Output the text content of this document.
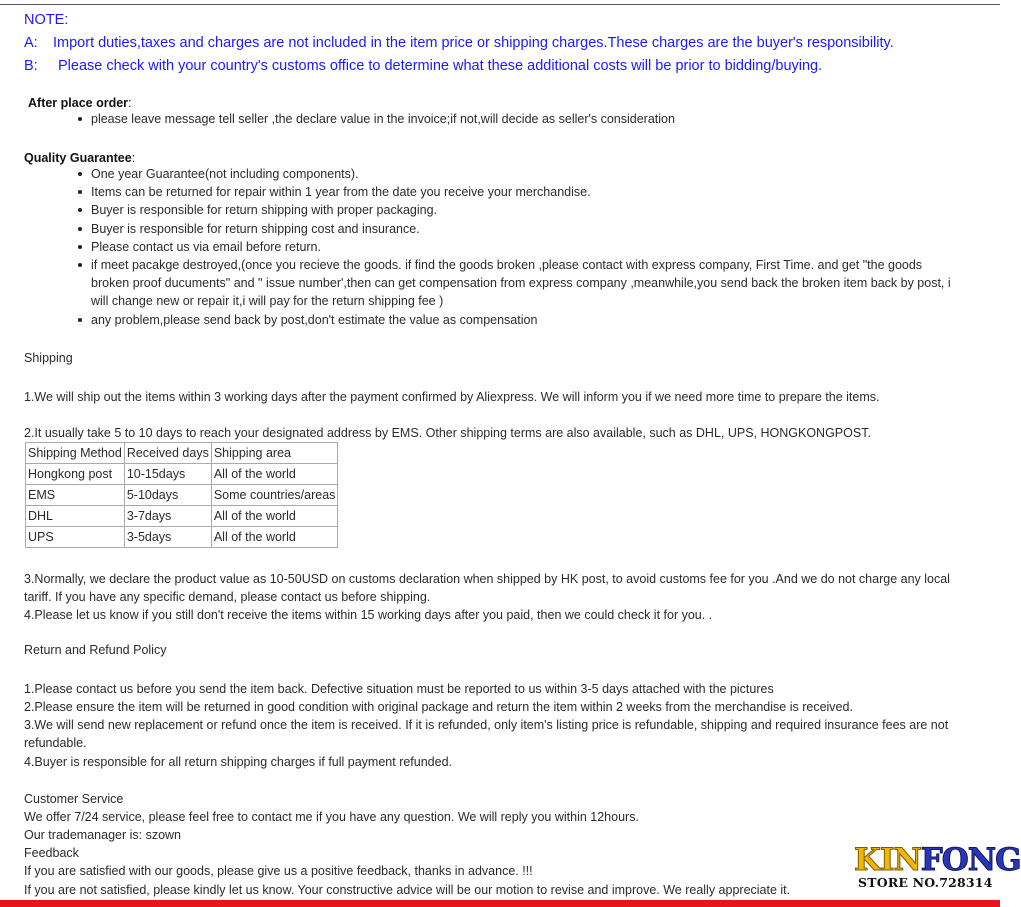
NOTE:
A: Import duties,taxes and charges are not included in the item price or shipping charges.These charges are the buyer's responsibility.
B: Please check with your country's customs office to determine what these additional costs will be prior to bidding/buying.
After place order:
please leave message tell seller ,the declare value in the invoice;if not,will decide as seller's consideration
Quality Guarantee:
One year Guarantee(not including components).
Items can be returned for repair within 1 year from the date you receive your merchandise.
Buyer is responsible for return shipping with proper packaging.
Buyer is responsible for return shipping cost and insurance.
Please contact us via email before return.
if meet pacakge destroyed,(once you recieve the goods. if find the goods broken ,please contact with express company, First Time. and get "the goods broken proof ducuments" and " issue number',then can get compensation from express company ,meanwhile,you send back the broken item back by post, i will change new or repair it,i will pay for the return shipping fee )
any problem,please send back by post,don't estimate the value as compensation
Shipping
1.We will ship out the items within 3 working days after the payment confirmed by Aliexpress. We will inform you if we need more time to prepare the items.
2.It usually take 5 to 10 days to reach your designated address by EMS. Other shipping terms are also available, such as DHL, UPS, HONGKONGPOST.
Shipping Method	Received days	Shipping area
Hongkong post	10-15days	All of the world
EMS	5-10days	Some countries/areas
DHL	3-7days	All of the world
UPS	3-5days	All of the world
3.Normally, we declare the product value as 10-50USD on customs declaration when shipped by HK post, to avoid customs fee for you .And we do not charge any local tariff. If you have any specific demand, please contact us before shipping.
4.Please let us know if you still don't receive the items within 15 working days after you paid, then we could check it for you. .
Return and Refund Policy
1.Please contact us before you send the item back. Defective situation must be reported to us within 3-5 days attached with the pictures
2.Please ensure the item will be returned in good condition with original package and return the item within 2 weeks from the merchandise is received.
3.We will send new replacement or refund once the item is received. If it is refunded, only item's listing price is refundable, shipping and required insurance fees are not refundable.
4.Buyer is responsible for all return shipping charges if full payment refunded.
Customer Service
We offer 7/24 service, please feel free to contact me if you have any question. We will reply you within 12hours.
Our trademanager is: szown
Feedback
If you are satisfied with our goods, please give us a positive feedback, thanks in advance. !!!
If you are not satisfied, please kindly let us know. Your constructive advice will be our motion to revise and improve. We really appreciate it.
KINFONG
STORE NO.728314
